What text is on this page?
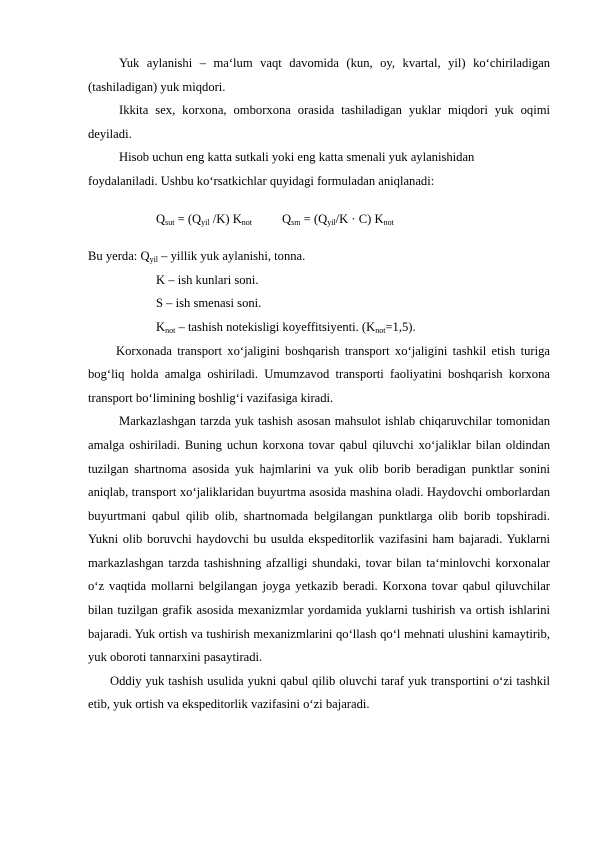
Yuk aylanishi – ma‘lum vaqt davomida (kun, oy, kvartal, yil) ko‘chiriladigan (tashiladigan) yuk miqdori.

Ikkita sex, korxona, omborxona orasida tashiladigan yuklar miqdori yuk oqimi deyiladi.

Hisob uchun eng katta sutkali yoki eng katta smenali yuk aylanishidan

foydalaniladi. Ushbu ko‘rsatkichlar quyidagi formuladan aniqlanadi:

$Q_{sut} = (Q_{yil}$ /K) $K_{not}$ $Q_{sm} = (Q_{yil}/K \cdot C)$ $K_{not}$
Bu yerda: $Q_{yil}$ – yillik yuk aylanishi, tonna.
K – ish kunlari soni.
S – ish smenasi soni.
$K_{not}$ – tashish notekisligi koyeffitsiyenti. $(K_{not}=1,5)$.

Korxonada transport xo‘jaligini boshqarish transport xo‘jaligini tashkil etish turiga bog‘liq holda amalga oshiriladi. Umumzavod transporti faoliyatini boshqarish korxona transport bo‘limining boshlig‘i vazifasiga kiradi.

Markazlashgan tarzda yuk tashish asosan mahsulot ishlab chiqaruvchilar tomonidan amalga oshiriladi. Buning uchun korxona tovar qabul qiluvchi xo‘jaliklar bilan oldindan tuzilgan shartnoma asosida yuk hajmlarini va yuk olib borib beradigan punktlar sonini aniqlab, transport xo‘jaliklaridan buyurtma asosida mashina oladi. Haydovchi omborlardan buyurtmani qabul qilib olib, shartnomada belgilangan punktlarga olib borib topshiradi. Yukni olib boruvchi haydovchi bu usulda ekspeditorlik vazifasini ham bajaradi. Yuklarni markazlashgan tarzda tashishning afzalligi shundaki, tovar bilan ta‘minlovchi korxonalar o‘z vaqtida mollarni belgilangan joyga yetkazib beradi. Korxona tovar qabul qiluvchilar bilan tuzilgan grafik asosida mexanizmlar yordamida yuklarni tushirish va ortish ishlarini bajaradi. Yuk ortish va tushirish mexanizmlarini qo‘llash qo‘l mehnati ulushini kamaytirib, yuk oboroti tannarxini pasaytiradi.

Oddiy yuk tashish usulida yukni qabul qilib oluvchi taraf yuk transportini o‘zi tashkil etib, yuk ortish va ekspeditorlik vazifasini o‘zi bajaradi.
